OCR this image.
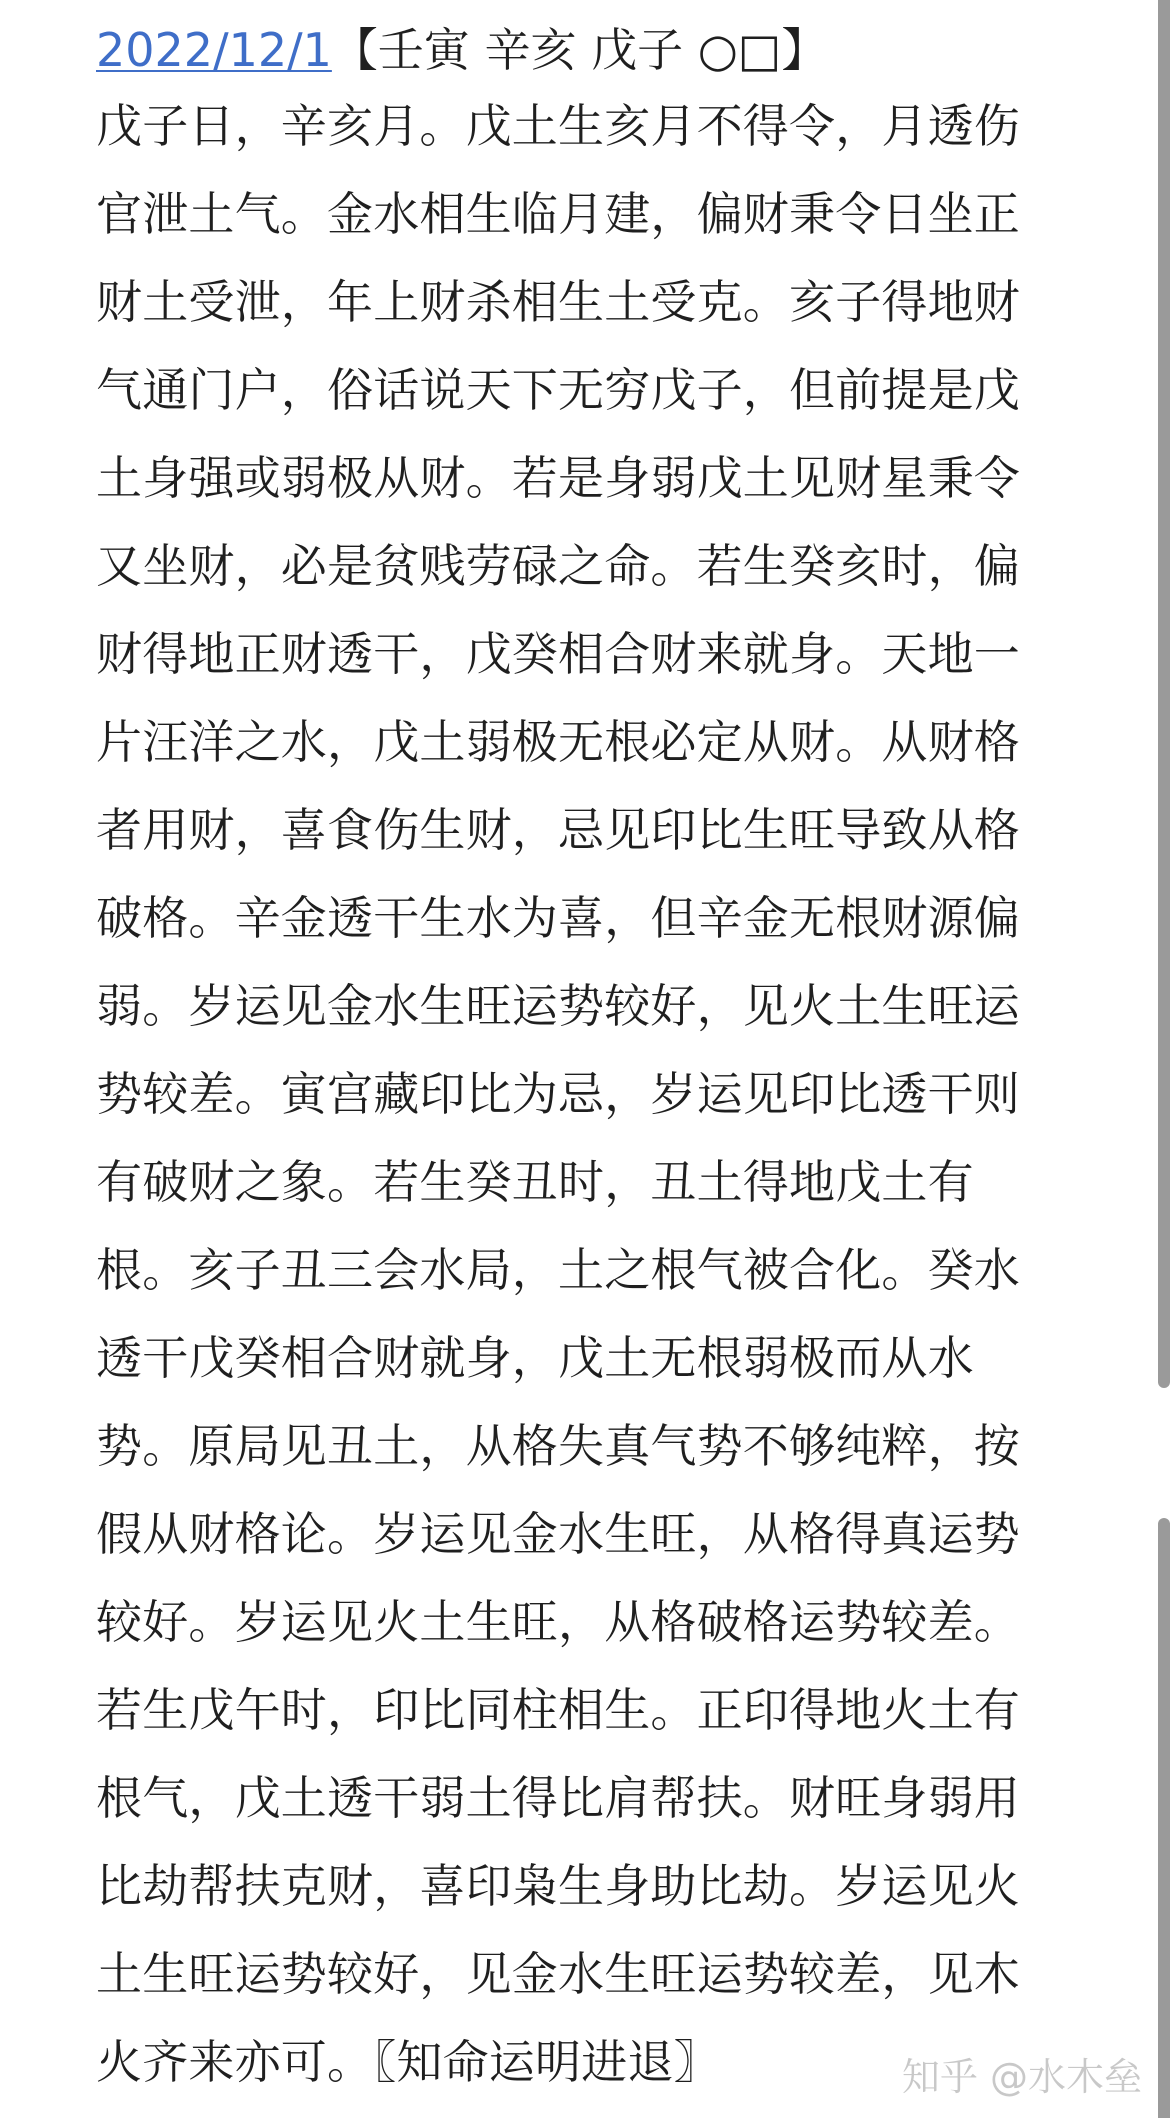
2022/12/1【壬寅 辛亥 戊子 ○□】
戊子日，辛亥月。戊土生亥月不得令，月透伤
官泄土气。金水相生临月建，偏财秉令日坐正
财土受泄，年上财杀相生土受克。亥子得地财
气通门户，俗话说天下无穷戊子，但前提是戊
土身强或弱极从财。若是身弱戊土见财星秉令
又坐财，必是贫贱劳碌之命。若生癸亥时，偏
财得地正财透干，戊癸相合财来就身。天地一
片汪洋之水，戊土弱极无根必定从财。从财格
者用财，喜食伤生财，忌见印比生旺导致从格
破格。辛金透干生水为喜，但辛金无根财源偏
弱。岁运见金水生旺运势较好，见火土生旺运
势较差。寅宫藏印比为忌，岁运见印比透干则
有破财之象。若生癸丑时，丑土得地戊土有
根。亥子丑三会水局，土之根气被合化。癸水
透干戊癸相合财就身，戊土无根弱极而从水
势。原局见丑土，从格失真气势不够纯粹，按
假从财格论。岁运见金水生旺，从格得真运势
较好。岁运见火土生旺，从格破格运势较差。
若生戊午时，印比同柱相生。正印得地火土有
根气，戊土透干弱土得比肩帮扶。财旺身弱用
比劫帮扶克财，喜印枭生身助比劫。岁运见火
土生旺运势较好，见金水生旺运势较差，见木
火齐来亦可。〖知命运明进退〗	知乎 @水木垒
